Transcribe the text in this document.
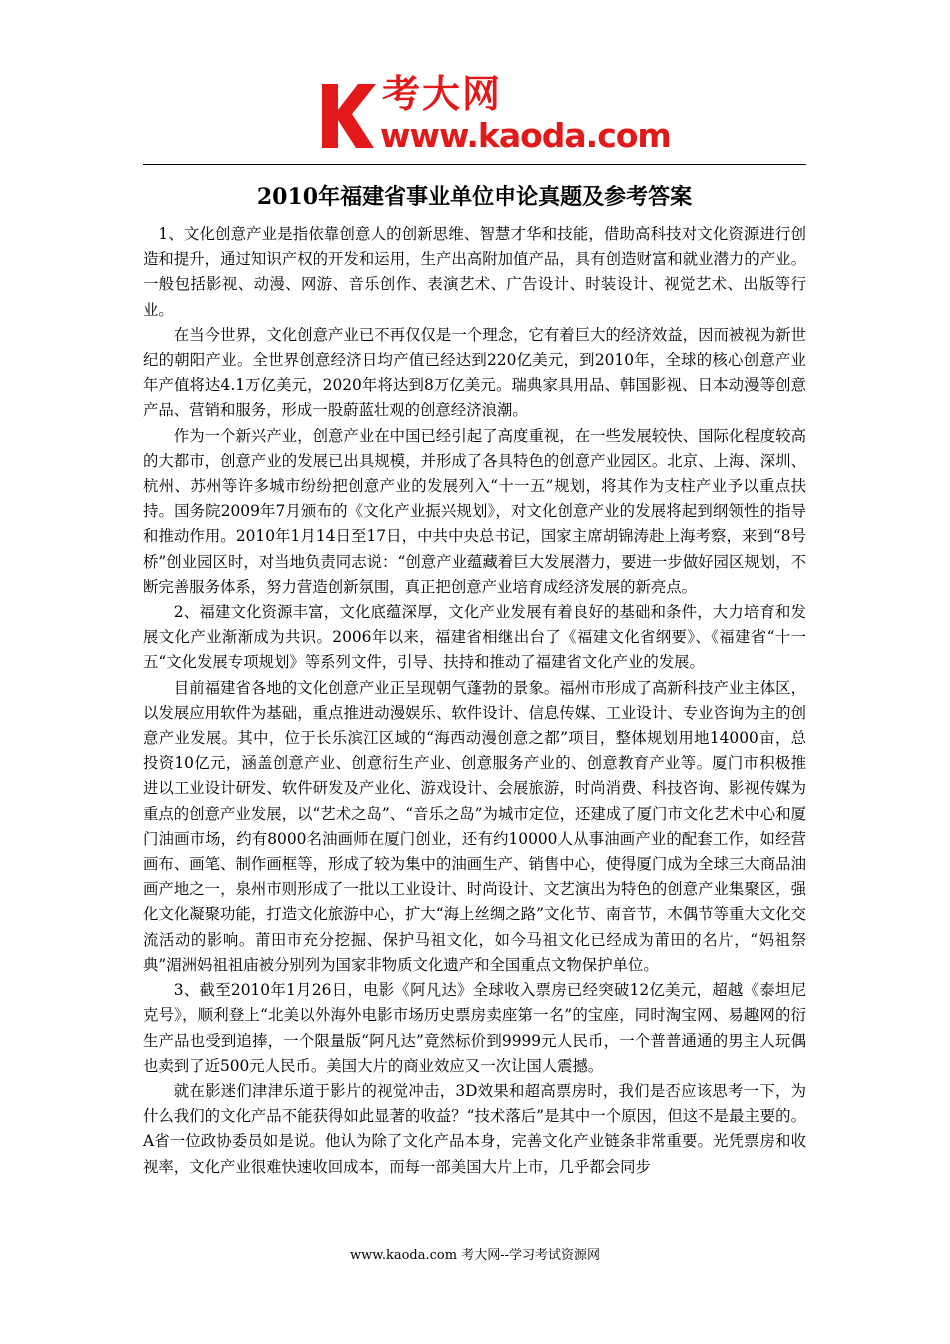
考大网
www.kaoda.com
2010年福建省事业单位申论真题及参考答案

1、文化创意产业是指依靠创意人的创新思维、智慧才华和技能，借助高科技对文化资源进行创造和提升，通过知识产权的开发和运用，生产出高附加值产品，具有创造财富和就业潜力的产业。一般包括影视、动漫、网游、音乐创作、表演艺术、广告设计、时装设计、视觉艺术、出版等行业。

在当今世界，文化创意产业已不再仅仅是一个理念，它有着巨大的经济效益，因而被视为新世纪的朝阳产业。全世界创意经济日均产值已经达到220亿美元，到2010年，全球的核心创意产业年产值将达4.1万亿美元，2020年将达到8万亿美元。瑞典家具用品、韩国影视、日本动漫等创意产品、营销和服务，形成一股蔚蓝壮观的创意经济浪潮。

作为一个新兴产业，创意产业在中国已经引起了高度重视，在一些发展较快、国际化程度较高的大都市，创意产业的发展已出具规模，并形成了各具特色的创意产业园区。北京、上海、深圳、杭州、苏州等许多城市纷纷把创意产业的发展列入“十一五”规划，将其作为支柱产业予以重点扶持。国务院2009年7月颁布的《文化产业振兴规划》，对文化创意产业的发展将起到纲领性的指导和推动作用。2010年1月14日至17日，中共中央总书记，国家主席胡锦涛赴上海考察，来到“8号桥”创业园区时，对当地负责同志说：“创意产业蕴藏着巨大发展潜力，要进一步做好园区规划，不断完善服务体系，努力营造创新氛围，真正把创意产业培育成经济发展的新亮点。

2、福建文化资源丰富，文化底蕴深厚，文化产业发展有着良好的基础和条件，大力培育和发展文化产业渐渐成为共识。2006年以来，福建省相继出台了《福建文化省纲要》、《福建省“十一五“文化发展专项规划》等系列文件，引导、扶持和推动了福建省文化产业的发展。

目前福建省各地的文化创意产业正呈现朝气蓬勃的景象。福州市形成了高新科技产业主体区，以发展应用软件为基础，重点推进动漫娱乐、软件设计、信息传媒、工业设计、专业咨询为主的创意产业发展。其中，位于长乐滨江区域的“海西动漫创意之都”项目，整体规划用地14000亩，总投资10亿元，涵盖创意产业、创意衍生产业、创意服务产业的、创意教育产业等。厦门市积极推进以工业设计研发、软件研发及产业化、游戏设计、会展旅游，时尚消费、科技咨询、影视传媒为重点的创意产业发展，以“艺术之岛”、“音乐之岛”为城市定位，还建成了厦门市文化艺术中心和厦门油画市场，约有8000名油画师在厦门创业，还有约10000人从事油画产业的配套工作，如经营画布、画笔、制作画框等，形成了较为集中的油画生产、销售中心，使得厦门成为全球三大商品油画产地之一，泉州市则形成了一批以工业设计、时尚设计、文艺演出为特色的创意产业集聚区，强化文化凝聚功能，打造文化旅游中心，扩大“海上丝绸之路”文化节、南音节，木偶节等重大文化交流活动的影响。莆田市充分挖掘、保护马祖文化，如今马祖文化已经成为莆田的名片，“妈祖祭典”湄洲妈祖祖庙被分别列为国家非物质文化遗产和全国重点文物保护单位。

3、截至2010年1月26日，电影《阿凡达》全球收入票房已经突破12亿美元，超越《泰坦尼克号》，顺利登上“北美以外海外电影市场历史票房卖座第一名”的宝座，同时淘宝网、易趣网的衍生产品也受到追捧，一个限量版“阿凡达”竟然标价到9999元人民币，一个普普通通的男主人玩偶也卖到了近500元人民币。美国大片的商业效应又一次让国人震撼。

就在影迷们津津乐道于影片的视觉冲击，3D效果和超高票房时，我们是否应该思考一下，为什么我们的文化产品不能获得如此显著的收益？“技术落后”是其中一个原因，但这不是最主要的。A省一位政协委员如是说。他认为除了文化产品本身，完善文化产业链条非常重要。光凭票房和收视率，文化产业很难快速收回成本，而每一部美国大片上市，几乎都会同步

www.kaoda.com 考大网--学习考试资源网
